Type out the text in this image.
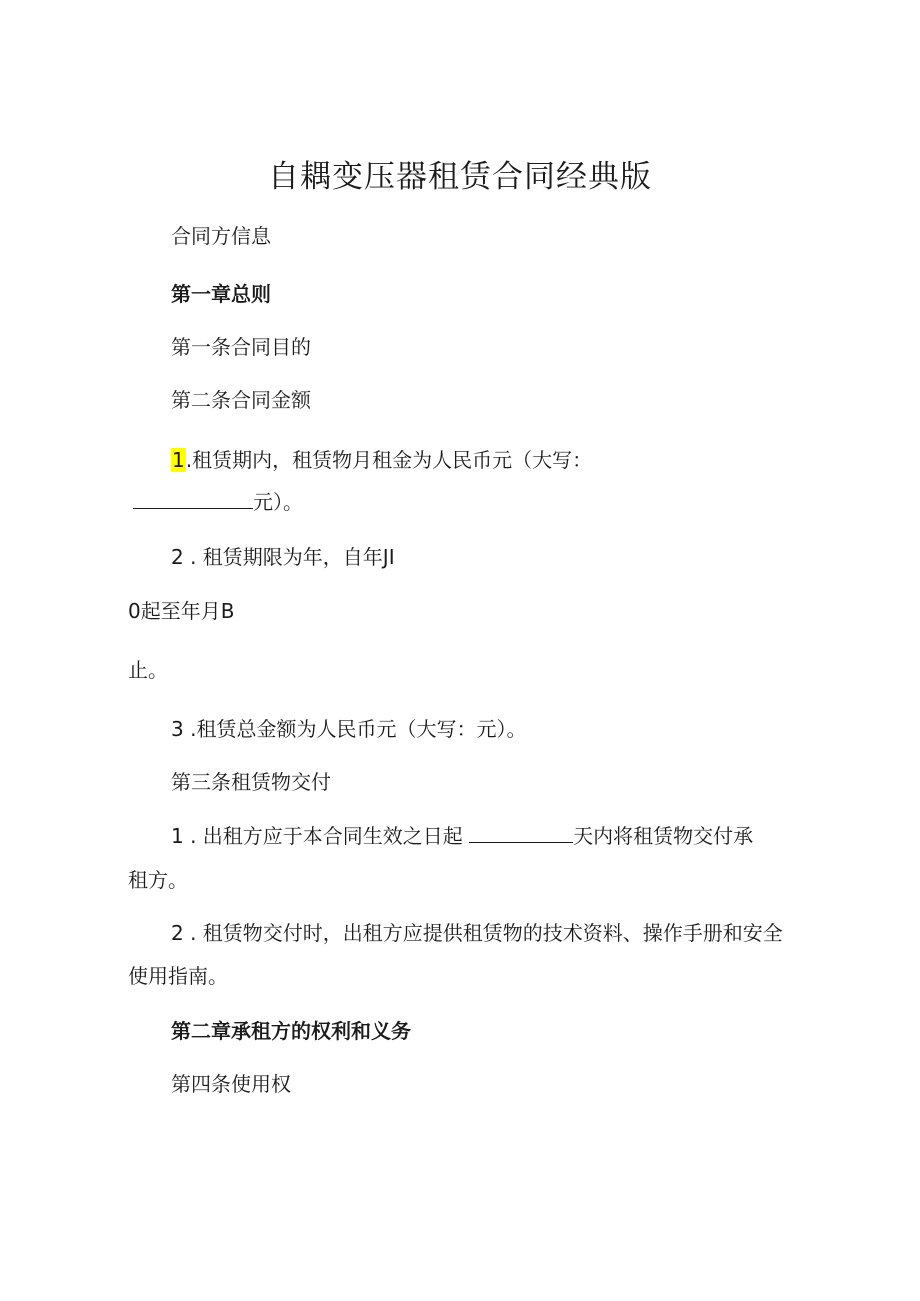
自耦变压器租赁合同经典版
合同方信息
第一章总则
第一条合同目的
第二条合同金额
1.租赁期内，租赁物月租金为人民币元（大写：
元）。
2 . 租赁期限为年，自年JI
0起至年月B
止。
3 .租赁总金额为人民币元（大写：元）。
第三条租赁物交付
1 . 出租方应于本合同生效之日起	天内将租赁物交付承
租方。
2 . 租赁物交付时，出租方应提供租赁物的技术资料、操作手册和安全
使用指南。
第二章承租方的权利和义务
第四条使用权
